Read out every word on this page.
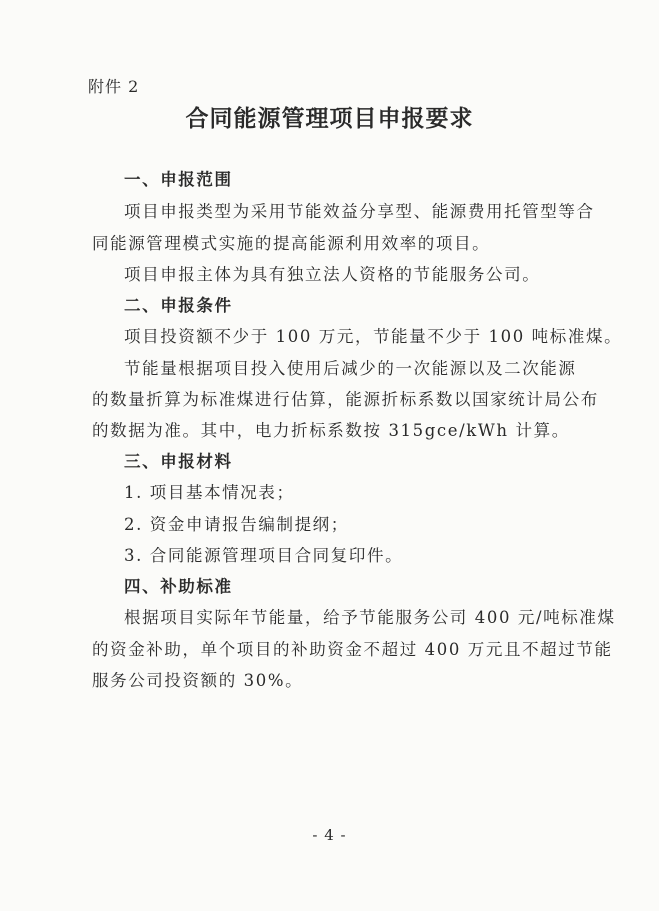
附件 2
合同能源管理项目申报要求
一、申报范围
项目申报类型为采用节能效益分享型、能源费用托管型等合
同能源管理模式实施的提高能源利用效率的项目。
项目申报主体为具有独立法人资格的节能服务公司。
二、申报条件
项目投资额不少于 100 万元，节能量不少于 100 吨标准煤。
节能量根据项目投入使用后减少的一次能源以及二次能源
的数量折算为标准煤进行估算，能源折标系数以国家统计局公布
的数据为准。其中，电力折标系数按 315gce/kWh 计算。
三、申报材料
1. 项目基本情况表；
2. 资金申请报告编制提纲；
3. 合同能源管理项目合同复印件。
四、补助标准
根据项目实际年节能量，给予节能服务公司 400 元/吨标准煤
的资金补助，单个项目的补助资金不超过 400 万元且不超过节能
服务公司投资额的 30%。
- 4 -
